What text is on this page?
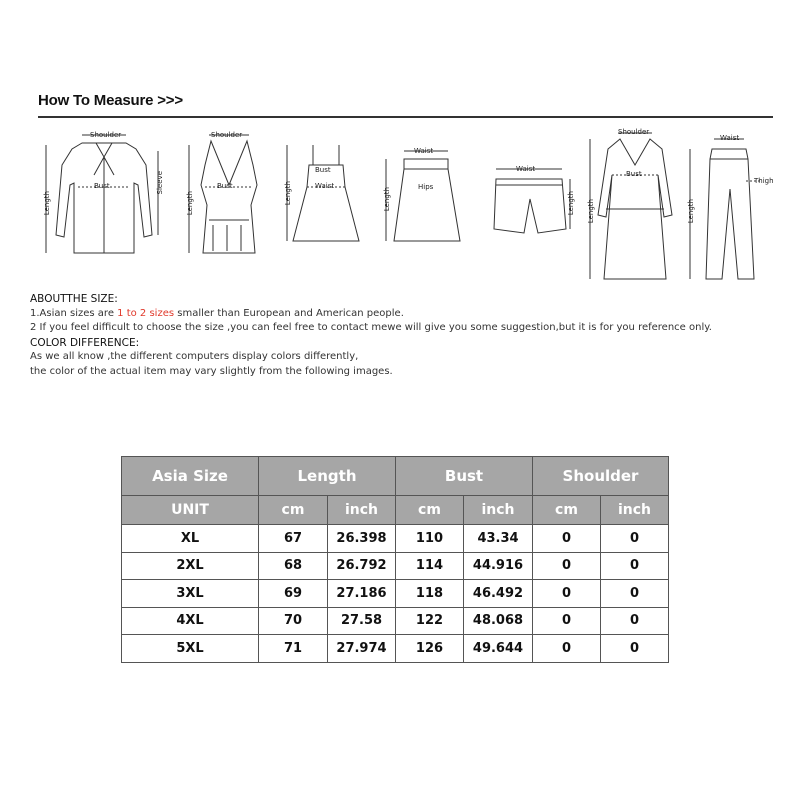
How To Measure >>>
Shoulder
Bust
Length
Sleeve
Shoulder
Bust
Length
Bust
Waist
Length
Waist
Hips
Length
Waist
Length
Shoulder
Bust
Length
Waist
Thigh
Length
ABOUTTHE SIZE:
1.Asian sizes are 1 to 2 sizes smaller than European and American people.
2 If you feel difficult to choose the size ,you can feel free to contact mewe will give you some suggestion,but it is for you reference only.
COLOR DIFFERENCE:
As we all know ,the different computers display colors differently,
the color of the actual item may vary slightly from the following images.
Asia Size	Length		Bust		Shoulder	
UNIT	cm	inch	cm	inch	cm	inch
XL	67	26.398	110	43.34	0	0
2XL	68	26.792	114	44.916	0	0
3XL	69	27.186	118	46.492	0	0
4XL	70	27.58	122	48.068	0	0
5XL	71	27.974	126	49.644	0	0
